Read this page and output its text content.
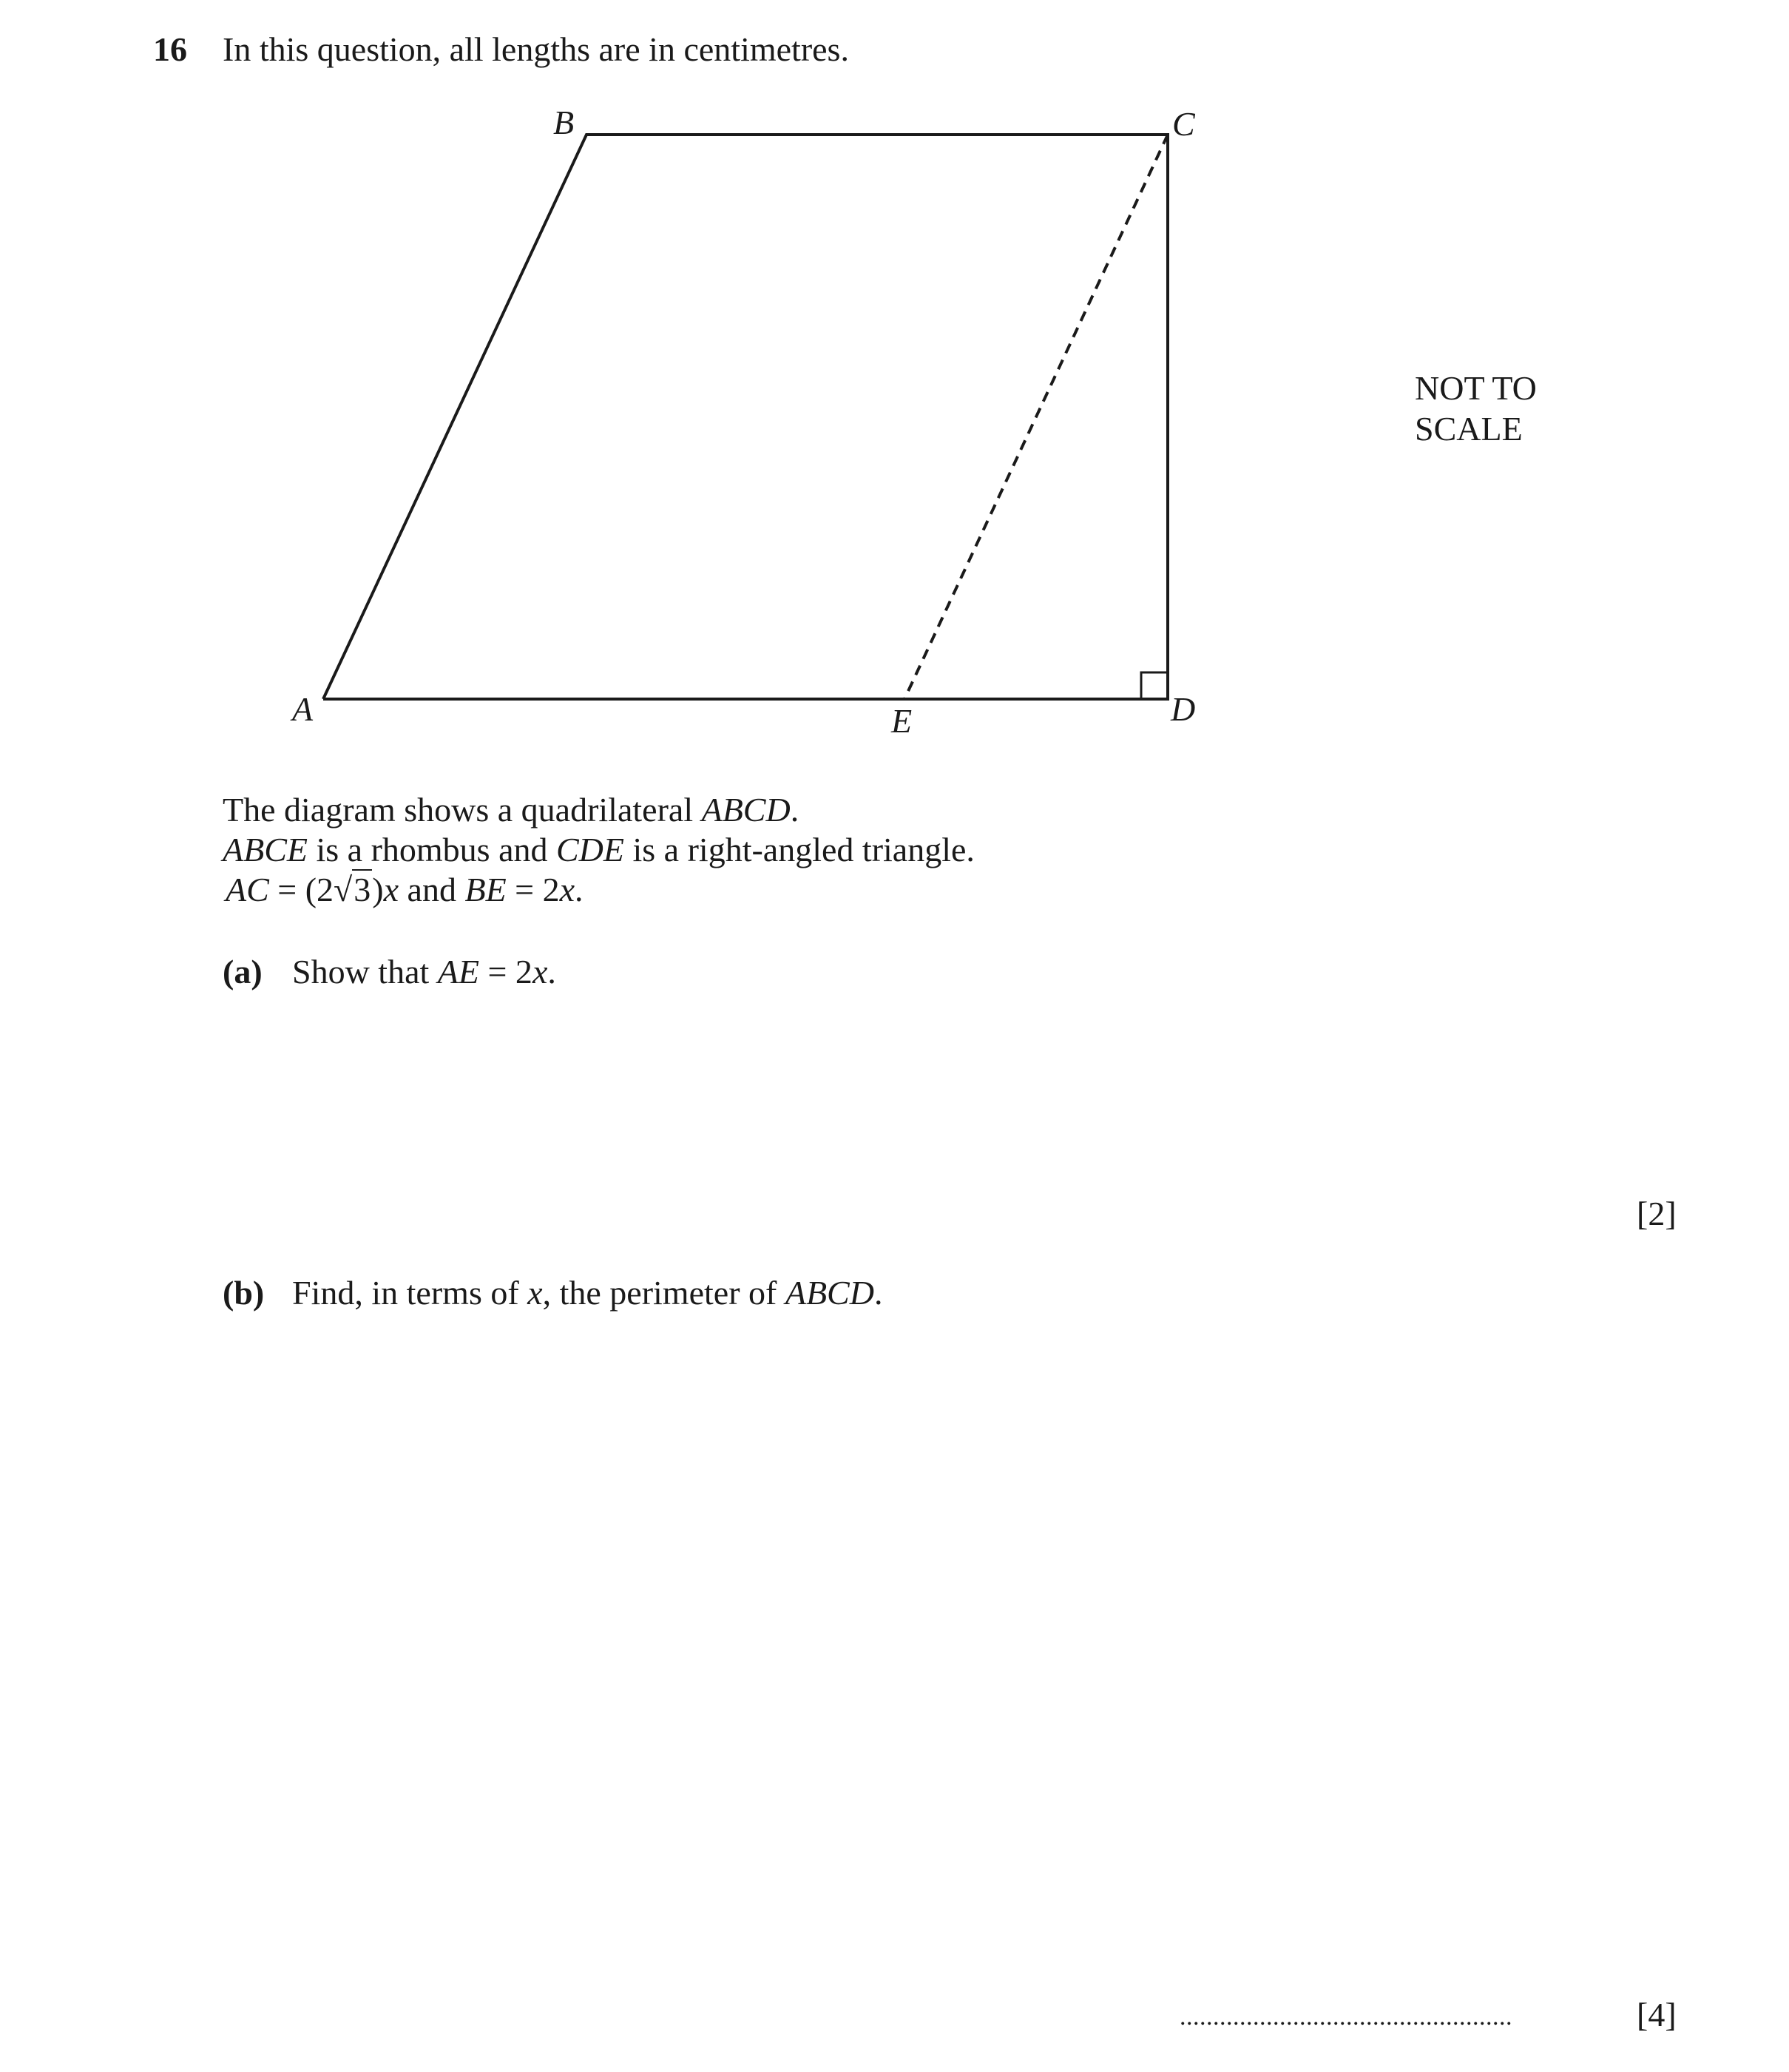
16 In this question, all lengths are in centimetres.
B	C
A	E	D
NOT TO
SCALE
The diagram shows a quadrilateral ABCD.
ABCE is a rhombus and CDE is a right-angled triangle.
AC = (2√3)x and BE = 2x.
(a) Show that AE = 2x.
[2]
(b) Find, in terms of x, the perimeter of ABCD.
..................................................	[4]
